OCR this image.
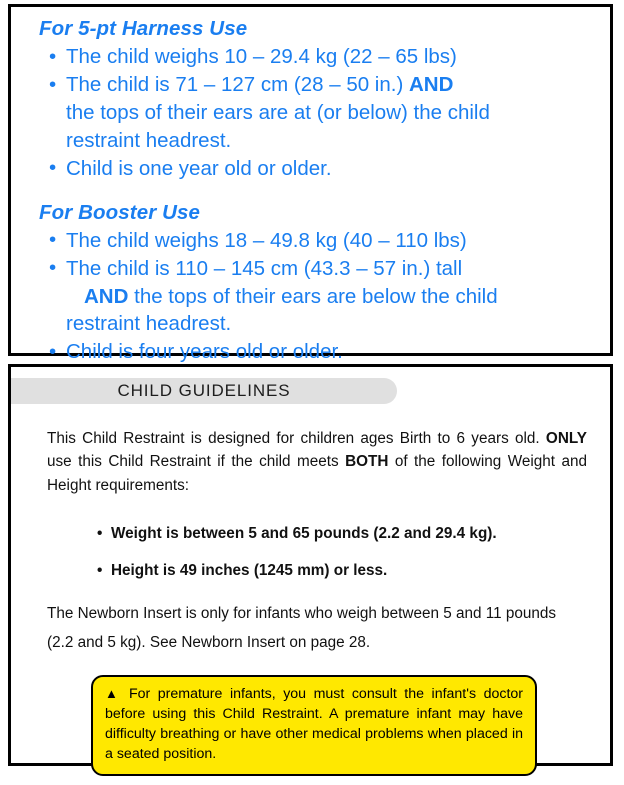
For 5-pt Harness Use
• The child weighs 10 – 29.4 kg (22 – 65 lbs)
• The child is 71 – 127 cm (28 – 50 in.) AND
the tops of their ears are at (or below) the child
restraint headrest.
• Child is one year old or older.
For Booster Use
• The child weighs 18 – 49.8 kg (40 – 110 lbs)
• The child is 110 – 145 cm (43.3 – 57 in.) tall
AND the tops of their ears are below the child
restraint headrest.
• Child is four years old or older.
CHILD GUIDELINES

This Child Restraint is designed for children ages Birth to 6 years old. ONLY use this Child Restraint if the child meets BOTH of the following Weight and Height requirements:

• Weight is between 5 and 65 pounds (2.2 and 29.4 kg).
• Height is 49 inches (1245 mm) or less.

The Newborn Insert is only for infants who weigh between 5 and 11 pounds
(2.2 and 5 kg). See Newborn Insert on page 28.

▲ For premature infants, you must consult the infant's doctor before using this Child Restraint. A premature infant may have difficulty breathing or have other medical problems when placed in a seated position.
